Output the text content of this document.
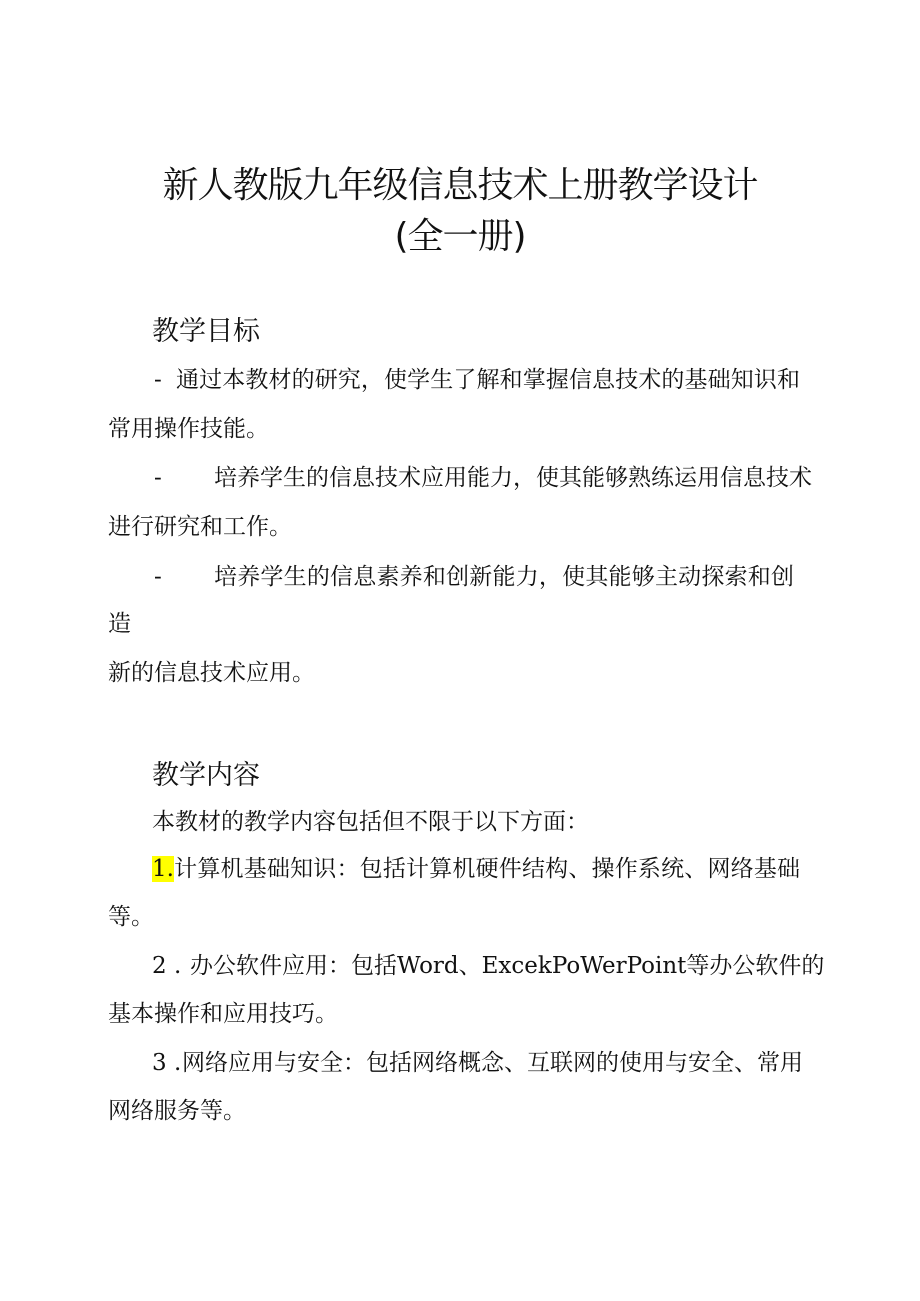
新人教版九年级信息技术上册教学设计
(全一册)
教学目标
- 通过本教材的研究，使学生了解和掌握信息技术的基础知识和
常用操作技能。
- 培养学生的信息技术应用能力，使其能够熟练运用信息技术
进行研究和工作。
- 培养学生的信息素养和创新能力，使其能够主动探索和创
造
新的信息技术应用。
教学内容
本教材的教学内容包括但不限于以下方面：
1.计算机基础知识：包括计算机硬件结构、操作系统、网络基础
等。
2 . 办公软件应用：包括Word、ExcekPoWerPoint等办公软件的
基本操作和应用技巧。
3 . 网络应用与安全：包括网络概念、互联网的使用与安全、常用
网络服务等。
